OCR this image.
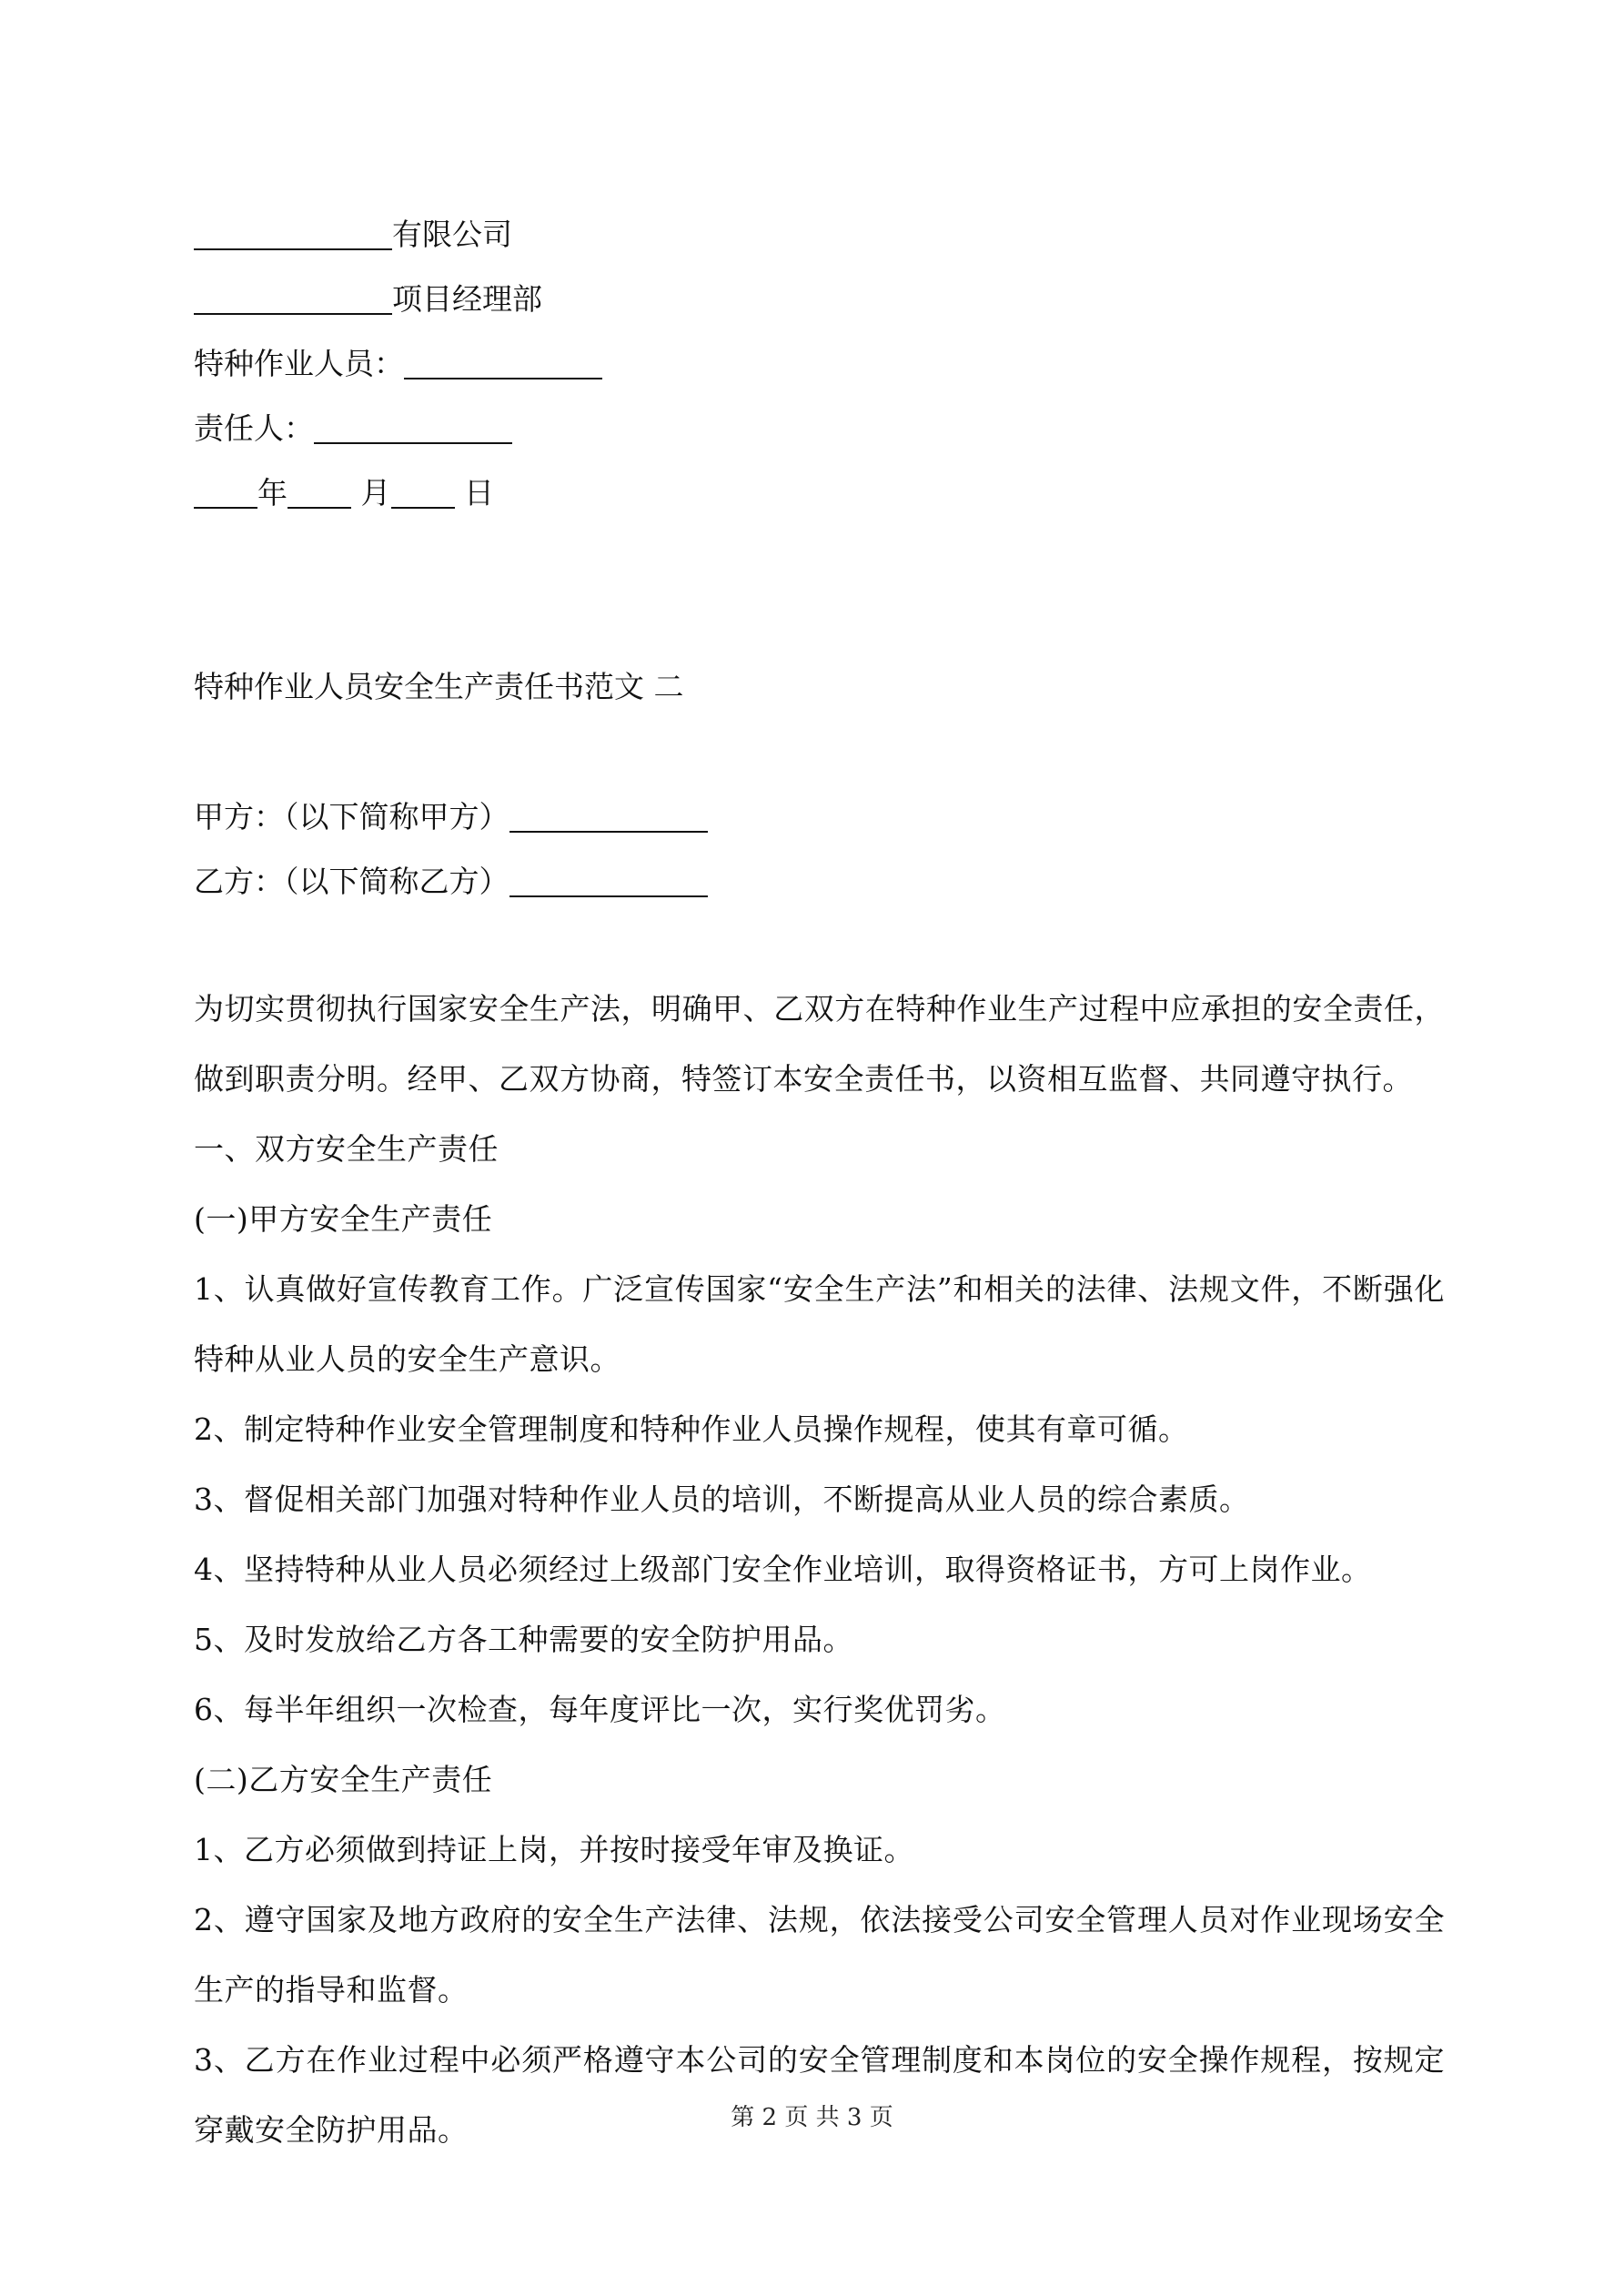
有限公司
项目经理部
特种作业人员：
责任人：
年 月 日
特种作业人员安全生产责任书范文 二
甲方：（以下简称甲方）
乙方：（以下简称乙方）
为切实贯彻执行国家安全生产法，明确甲、乙双方在特种作业生产过程中应承担的安全责任，做到职责分明。经甲、乙双方协商，特签订本安全责任书，以资相互监督、共同遵守执行。
一、双方安全生产责任
(一)甲方安全生产责任
1、认真做好宣传教育工作。广泛宣传国家“安全生产法”和相关的法律、法规文件，不断强化特种从业人员的安全生产意识。
2、制定特种作业安全管理制度和特种作业人员操作规程，使其有章可循。
3、督促相关部门加强对特种作业人员的培训，不断提高从业人员的综合素质。
4、坚持特种从业人员必须经过上级部门安全作业培训，取得资格证书，方可上岗作业。
5、及时发放给乙方各工种需要的安全防护用品。
6、每半年组织一次检查，每年度评比一次，实行奖优罚劣。
(二)乙方安全生产责任
1、乙方必须做到持证上岗，并按时接受年审及换证。
2、遵守国家及地方政府的安全生产法律、法规，依法接受公司安全管理人员对作业现场安全生产的指导和监督。
3、乙方在作业过程中必须严格遵守本公司的安全管理制度和本岗位的安全操作规程，按规定穿戴安全防护用品。	第 2 页 共 3 页
